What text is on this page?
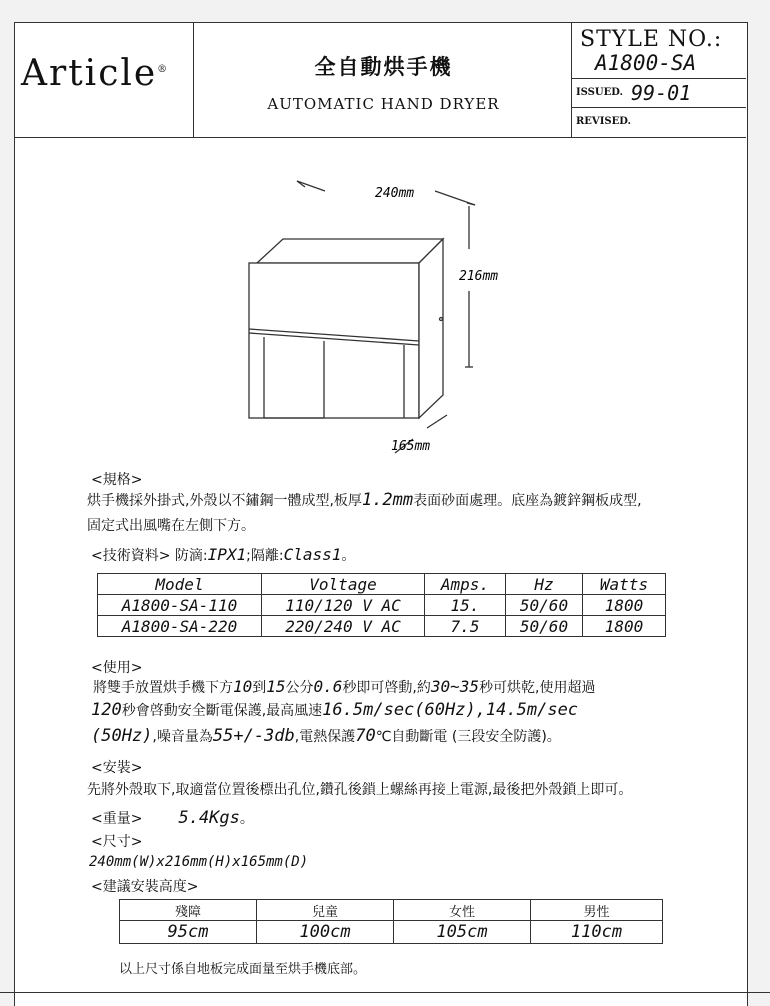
Article®	全自動烘手機
AUTOMATIC HAND DRYER
STYLE NO.:
A1800-SA
ISSUED. 99-01
REVISED.
240mm
216mm
165mm
<規格>
烘手機採外掛式,外殼以不鏽鋼一體成型,板厚1.2mm表面砂面處理。底座為鍍鋅鋼板成型,
固定式出風嘴在左側下方。
<技術資料> 防滴:IPX1;隔離:Class1。
Model	Voltage	Amps.	Hz	Watts
A1800-SA-110	110/120 V AC	15.	50/60	1800
A1800-SA-220	220/240 V AC	7.5	50/60	1800
<使用>
將雙手放置烘手機下方10到15公分0.6秒即可啓動,約30~35秒可烘乾,使用超過
120秒會啓動安全斷電保護,最高風速16.5m/sec(60Hz),14.5m/sec
(50Hz),噪音量為55+/-3db,電熱保護70℃自動斷電 (三段安全防護)。
<安裝>
先將外殼取下,取適當位置後標出孔位,鑽孔後鎖上螺絲再接上電源,最後把外殼鎖上即可。
<重量> 5.4Kgs。
<尺寸>
240mm(W)x216mm(H)x165mm(D)
<建議安裝高度>
殘障	兒童	女性	男性
95cm	100cm	105cm	110cm
以上尺寸係自地板完成面量至烘手機底部。
